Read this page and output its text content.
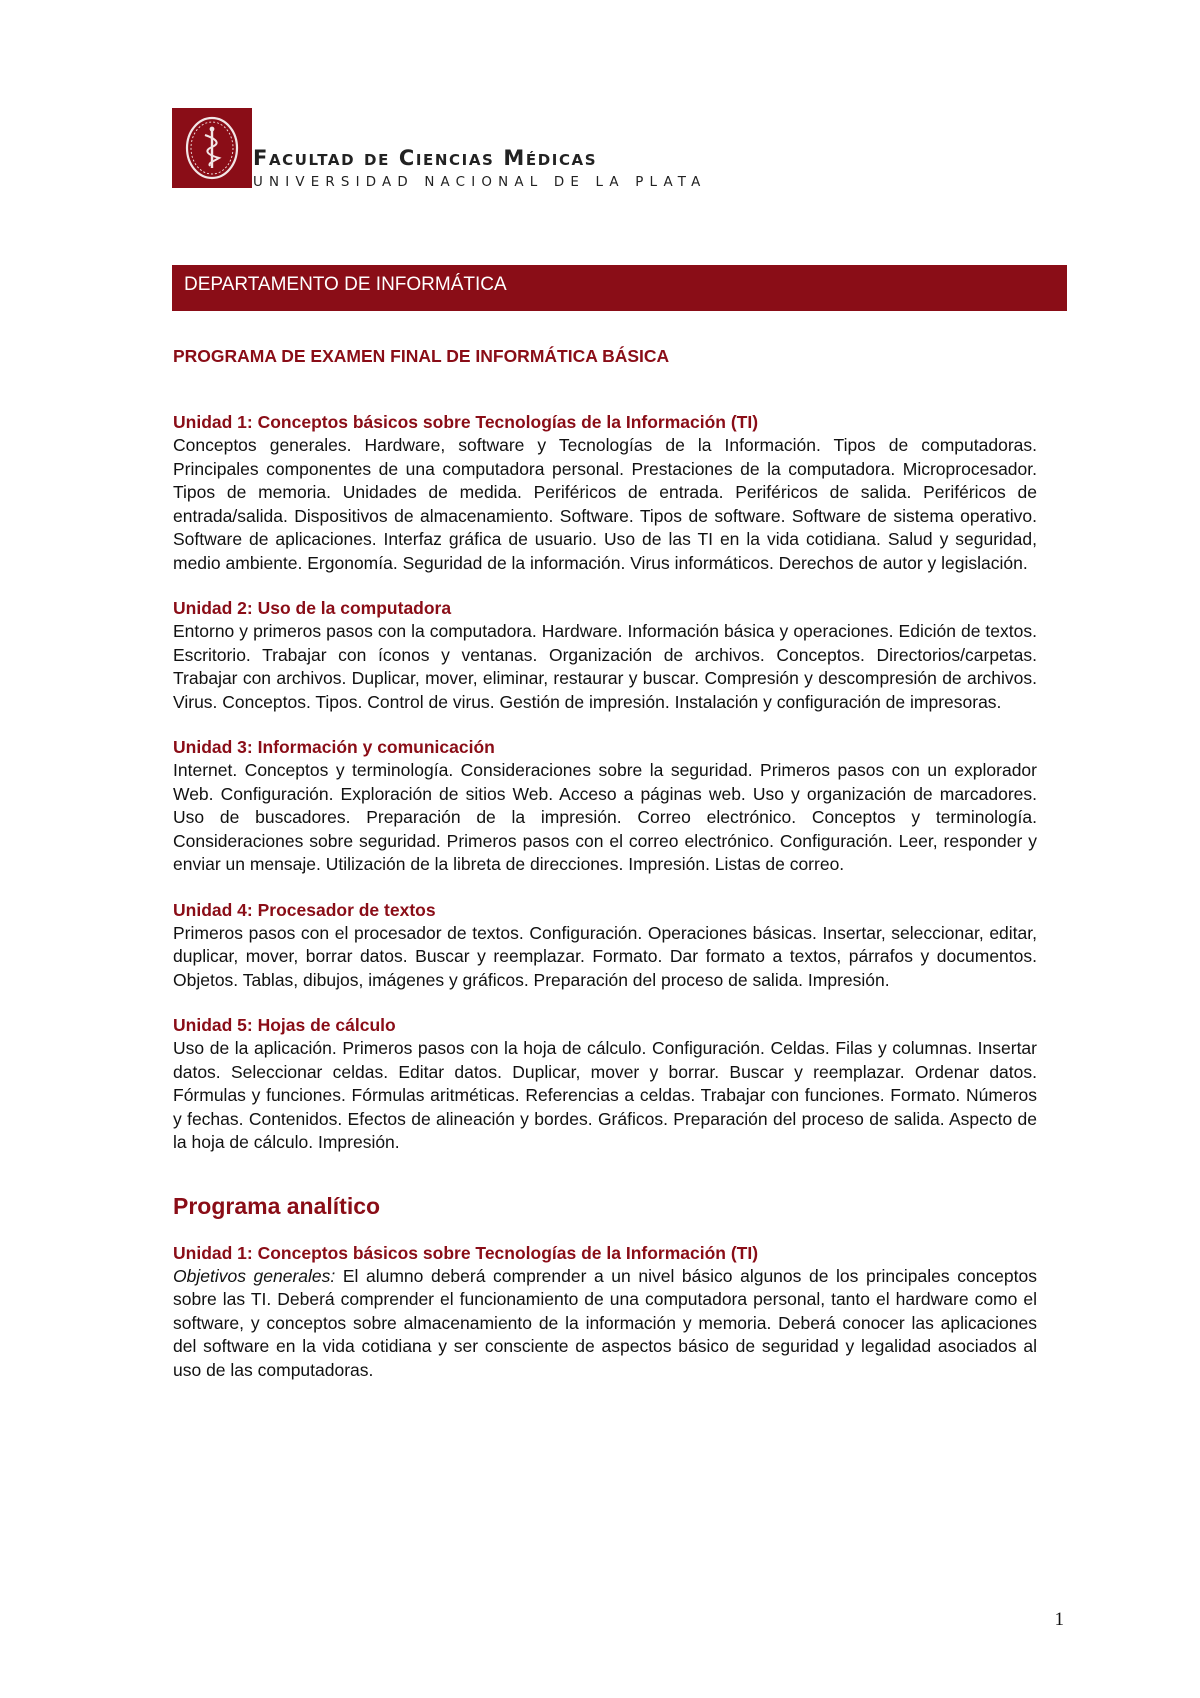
Facultad de Ciencias Médicas
UNIVERSIDAD NACIONAL DE LA PLATA
DEPARTAMENTO DE INFORMÁTICA

PROGRAMA DE EXAMEN FINAL DE INFORMÁTICA BÁSICA

Unidad 1: Conceptos básicos sobre Tecnologías de la Información (TI)

Conceptos generales. Hardware, software y Tecnologías de la Información. Tipos de computadoras. Principales componentes de una computadora personal. Prestaciones de la computadora. Microprocesador. Tipos de memoria. Unidades de medida. Periféricos de entrada. Periféricos de salida. Periféricos de entrada/salida. Dispositivos de almacenamiento. Software. Tipos de software. Software de sistema operativo. Software de aplicaciones. Interfaz gráfica de usuario. Uso de las TI en la vida cotidiana. Salud y seguridad, medio ambiente. Ergonomía. Seguridad de la información. Virus informáticos. Derechos de autor y legislación.

Unidad 2: Uso de la computadora

Entorno y primeros pasos con la computadora. Hardware. Información básica y operaciones. Edición de textos. Escritorio. Trabajar con íconos y ventanas. Organización de archivos. Conceptos. Directorios/carpetas. Trabajar con archivos. Duplicar, mover, eliminar, restaurar y buscar. Compresión y descompresión de archivos. Virus. Conceptos. Tipos. Control de virus. Gestión de impresión. Instalación y configuración de impresoras.

Unidad 3: Información y comunicación

Internet. Conceptos y terminología. Consideraciones sobre la seguridad. Primeros pasos con un explorador Web. Configuración. Exploración de sitios Web. Acceso a páginas web. Uso y organización de marcadores. Uso de buscadores. Preparación de la impresión. Correo electrónico. Conceptos y terminología. Consideraciones sobre seguridad. Primeros pasos con el correo electrónico. Configuración. Leer, responder y enviar un mensaje. Utilización de la libreta de direcciones. Impresión. Listas de correo.

Unidad 4: Procesador de textos

Primeros pasos con el procesador de textos. Configuración. Operaciones básicas. Insertar, seleccionar, editar, duplicar, mover, borrar datos. Buscar y reemplazar. Formato. Dar formato a textos, párrafos y documentos. Objetos. Tablas, dibujos, imágenes y gráficos. Preparación del proceso de salida. Impresión.

Unidad 5: Hojas de cálculo

Uso de la aplicación. Primeros pasos con la hoja de cálculo. Configuración. Celdas. Filas y columnas. Insertar datos. Seleccionar celdas. Editar datos. Duplicar, mover y borrar. Buscar y reemplazar. Ordenar datos. Fórmulas y funciones. Fórmulas aritméticas. Referencias a celdas. Trabajar con funciones. Formato. Números y fechas. Contenidos. Efectos de alineación y bordes. Gráficos. Preparación del proceso de salida. Aspecto de la hoja de cálculo. Impresión.

Programa analítico

Unidad 1: Conceptos básicos sobre Tecnologías de la Información (TI)

Objetivos generales: El alumno deberá comprender a un nivel básico algunos de los principales conceptos sobre las TI. Deberá comprender el funcionamiento de una computadora personal, tanto el hardware como el software, y conceptos sobre almacenamiento de la información y memoria. Deberá conocer las aplicaciones del software en la vida cotidiana y ser consciente de aspectos básico de seguridad y legalidad asociados al uso de las computadoras.

1
